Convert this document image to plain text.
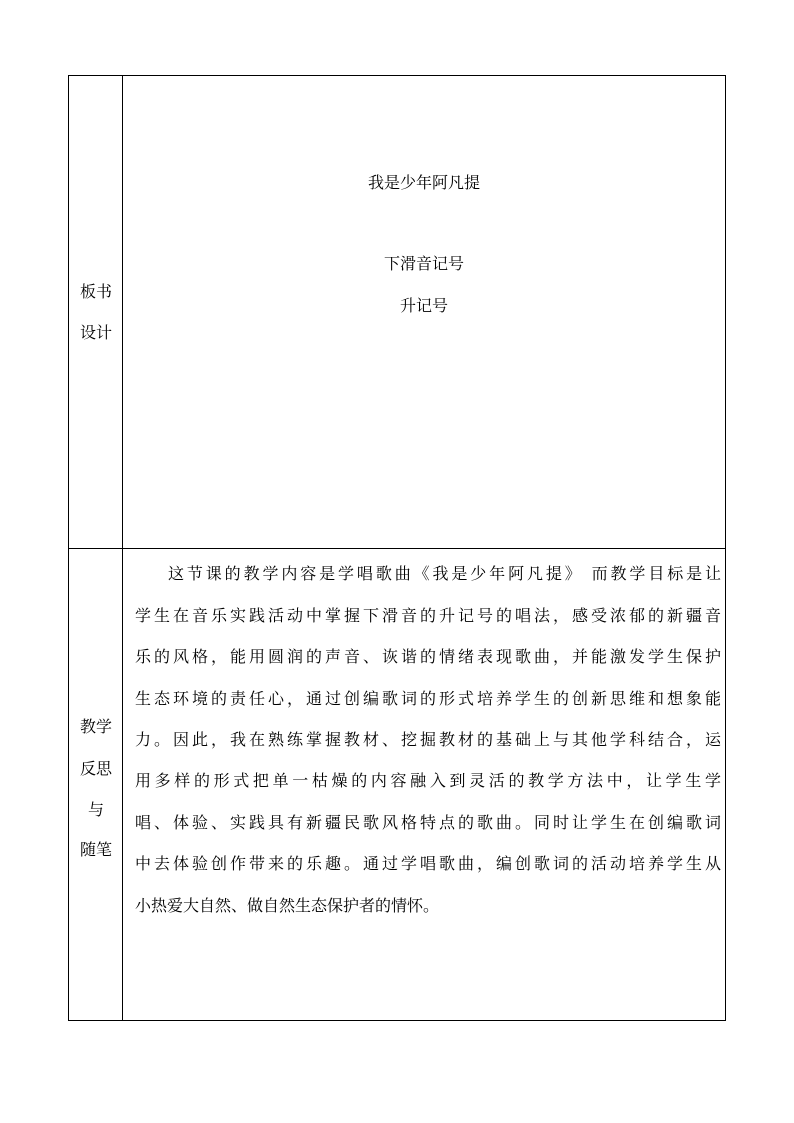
板书
设计
我是少年阿凡提
下滑音记号
升记号
教学
反思
与
随笔
这节课的教学内容是学唱歌曲《我是少年阿凡提》 而教学目标是让
学生在音乐实践活动中掌握下滑音的升记号的唱法，感受浓郁的新疆音
乐的风格，能用圆润的声音、诙谐的情绪表现歌曲，并能激发学生保护
生态环境的责任心，通过创编歌词的形式培养学生的创新思维和想象能
力。因此，我在熟练掌握教材、挖掘教材的基础上与其他学科结合，运
用多样的形式把单一枯燥的内容融入到灵活的教学方法中，让学生学
唱、体验、实践具有新疆民歌风格特点的歌曲。同时让学生在创编歌词
中去体验创作带来的乐趣。通过学唱歌曲，编创歌词的活动培养学生从
小热爱大自然、做自然生态保护者的情怀。
